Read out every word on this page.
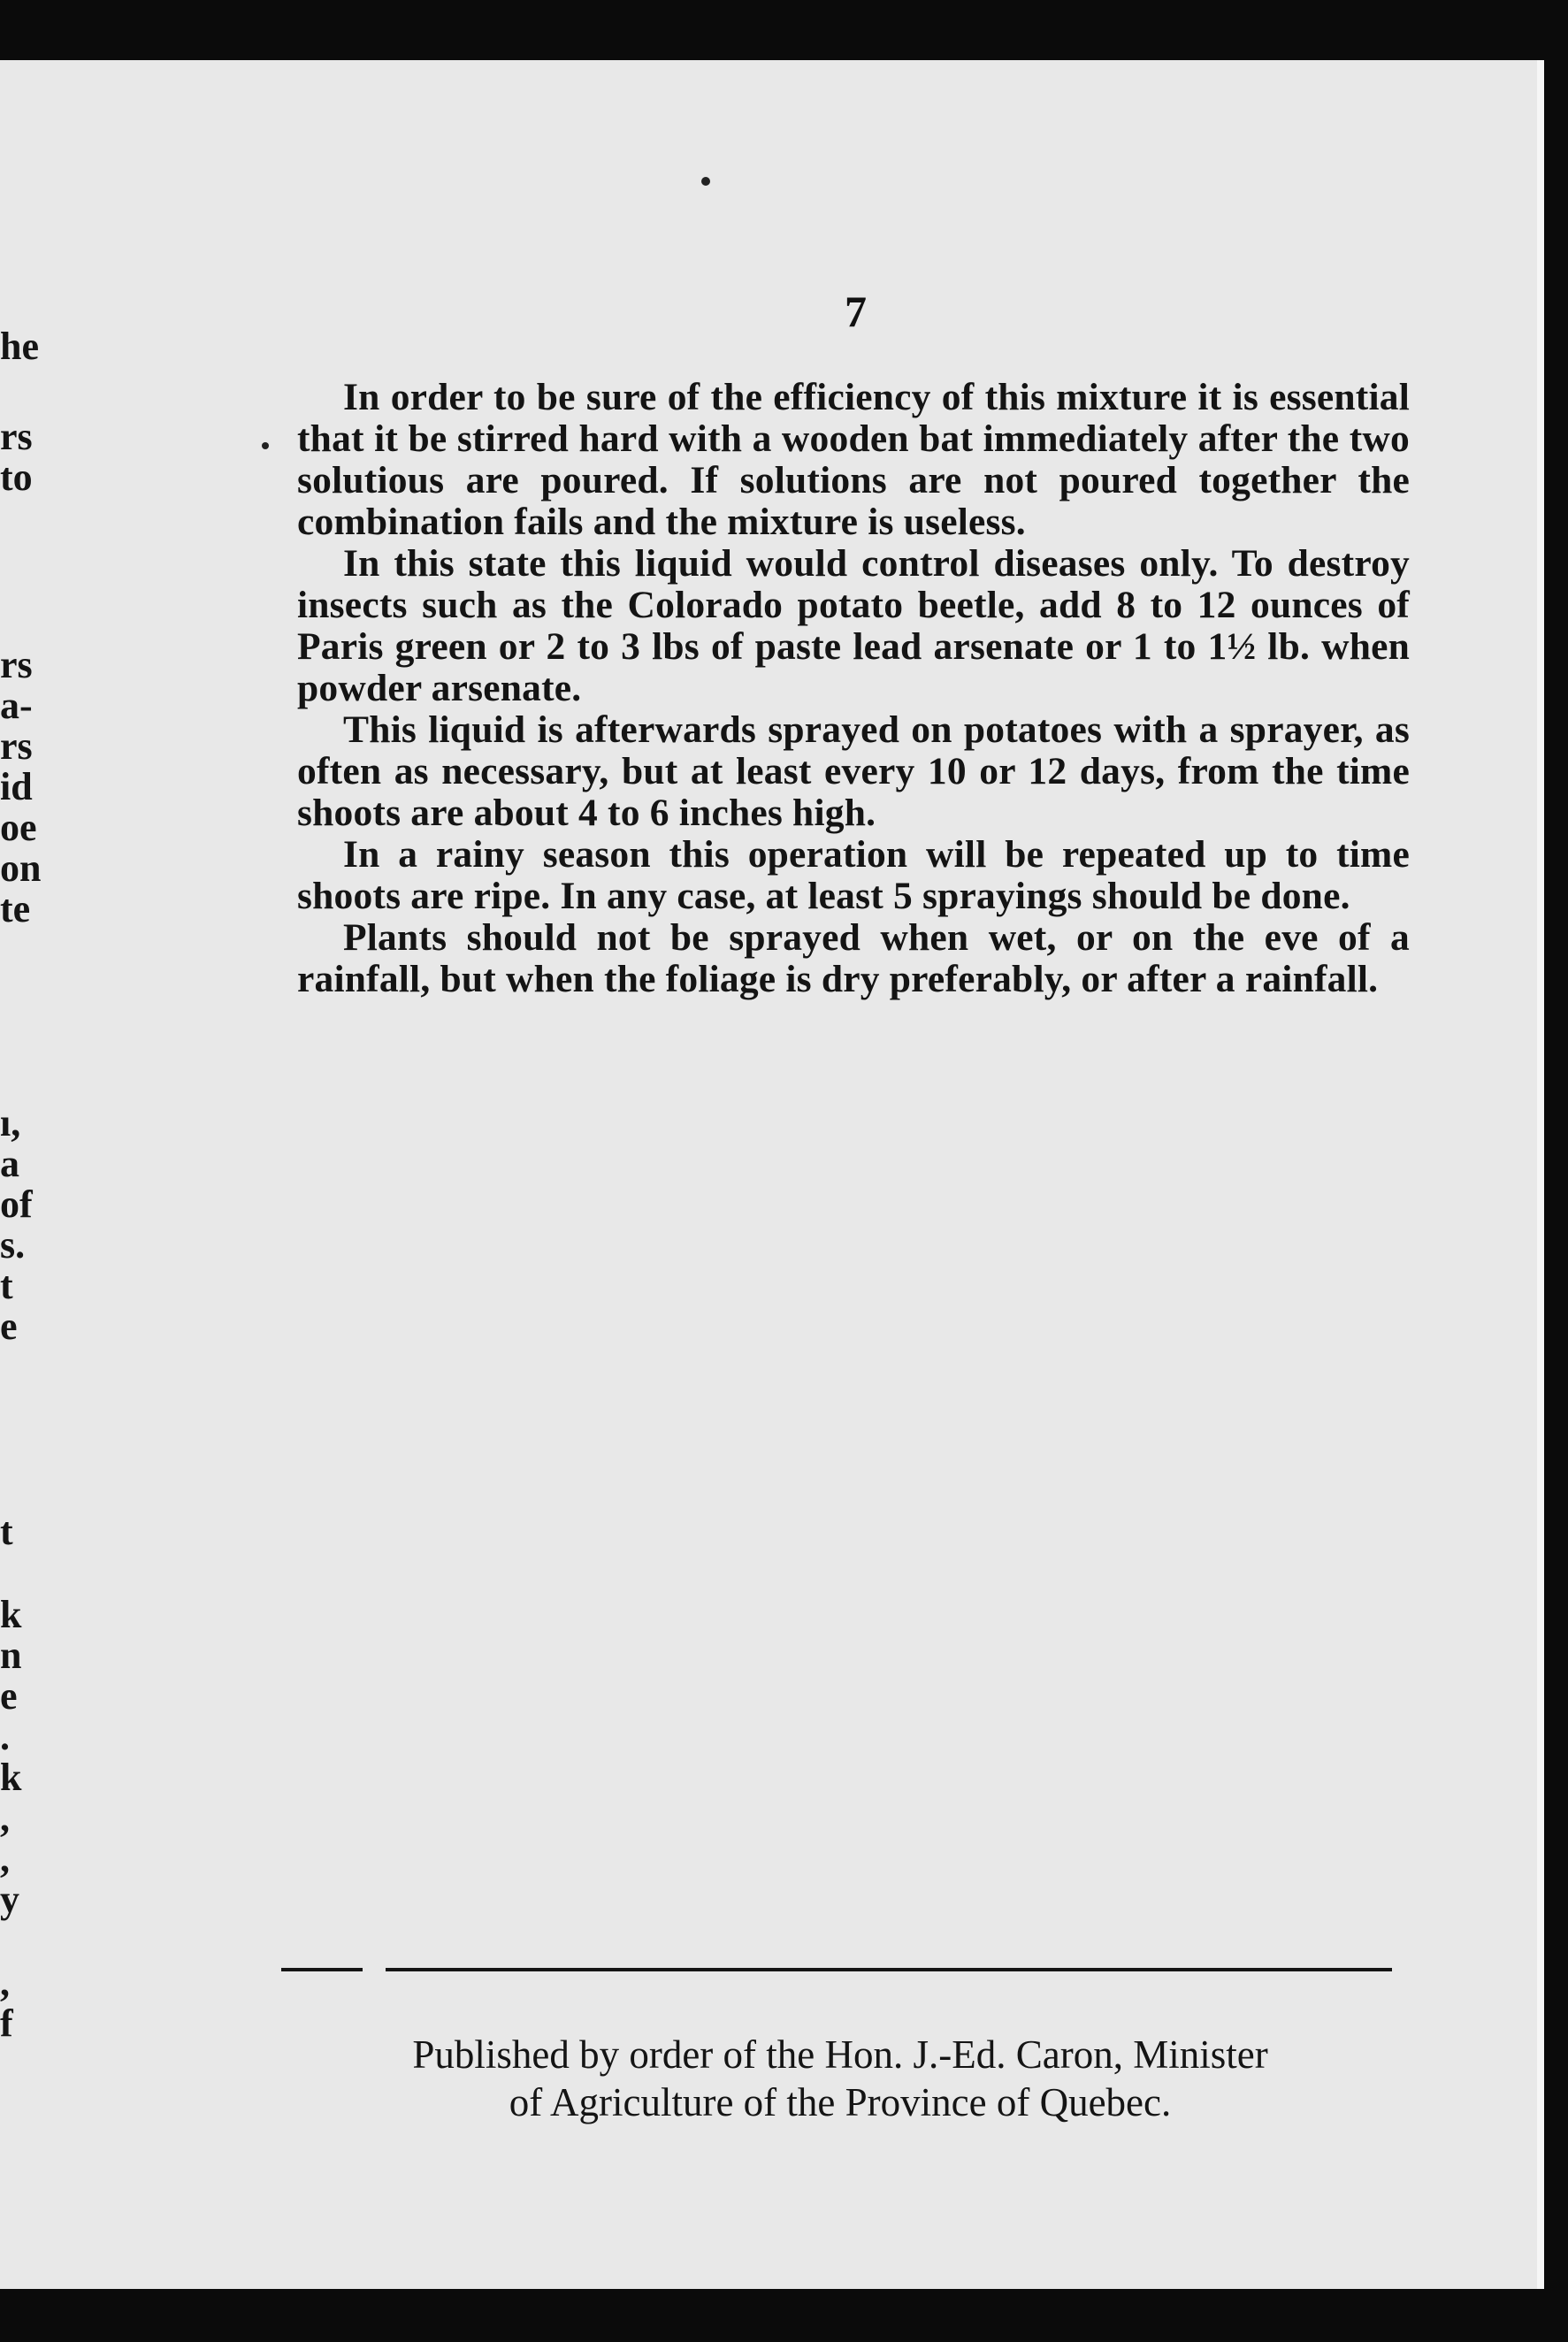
he
rs
to
rs
a-
rs
id
oe
on
te
ı,
a
of
s.
t
e
t
k
n
e
.
k
,
,
y
,
f
7

In order to be sure of the efficiency of this mixture it is essential that it be stirred hard with a wooden bat immediately after the two solutious are poured. If solutions are not poured together the combination fails and the mixture is useless.

In this state this liquid would control diseases only. To destroy insects such as the Colorado potato beetle, add 8 to 12 ounces of Paris green or 2 to 3 lbs of paste lead arsenate or 1 to 1½ lb. when powder arsenate.

This liquid is afterwards sprayed on potatoes with a sprayer, as often as necessary, but at least every 10 or 12 days, from the time shoots are about 4 to 6 inches high.

In a rainy season this operation will be repeated up to time shoots are ripe. In any case, at least 5 sprayings should be done.

Plants should not be sprayed when wet, or on the eve of a rainfall, but when the foliage is dry preferably, or after a rainfall.

Published by order of the Hon. J.-Ed. Caron, Minister
of Agriculture of the Province of Quebec.
